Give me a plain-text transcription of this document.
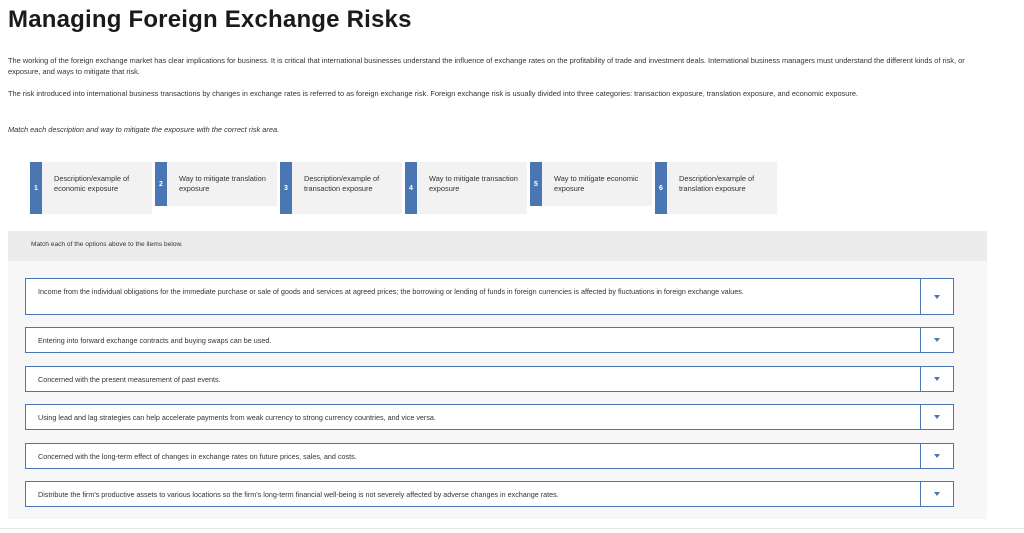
Managing Foreign Exchange Risks

The working of the foreign exchange market has clear implications for business. It is critical that international businesses understand the influence of exchange rates on the profitability of trade and investment deals. International business managers must understand the different kinds of risk, or exposure, and ways to mitigate that risk.

The risk introduced into international business transactions by changes in exchange rates is referred to as foreign exchange risk. Foreign exchange risk is usually divided into three categories: transaction exposure, translation exposure, and economic exposure.

Match each description and way to mitigate the exposure with the correct risk area.

1
Description/example of economic exposure	2
Way to mitigate translation exposure	3
Description/example of transaction exposure	4
Way to mitigate transaction exposure	5
Way to mitigate economic exposure	6
Description/example of translation exposure
Match each of the options above to the items below.
Income from the individual obligations for the immediate purchase or sale of goods and services at agreed prices; the borrowing or lending of funds in foreign currencies is affected by fluctuations in foreign exchange values.
Entering into forward exchange contracts and buying swaps can be used.
Concerned with the present measurement of past events.
Using lead and lag strategies can help accelerate payments from weak currency to strong currency countries, and vice versa.
Concerned with the long-term effect of changes in exchange rates on future prices, sales, and costs.
Distribute the firm's productive assets to various locations so the firm's long-term financial well-being is not severely affected by adverse changes in exchange rates.
